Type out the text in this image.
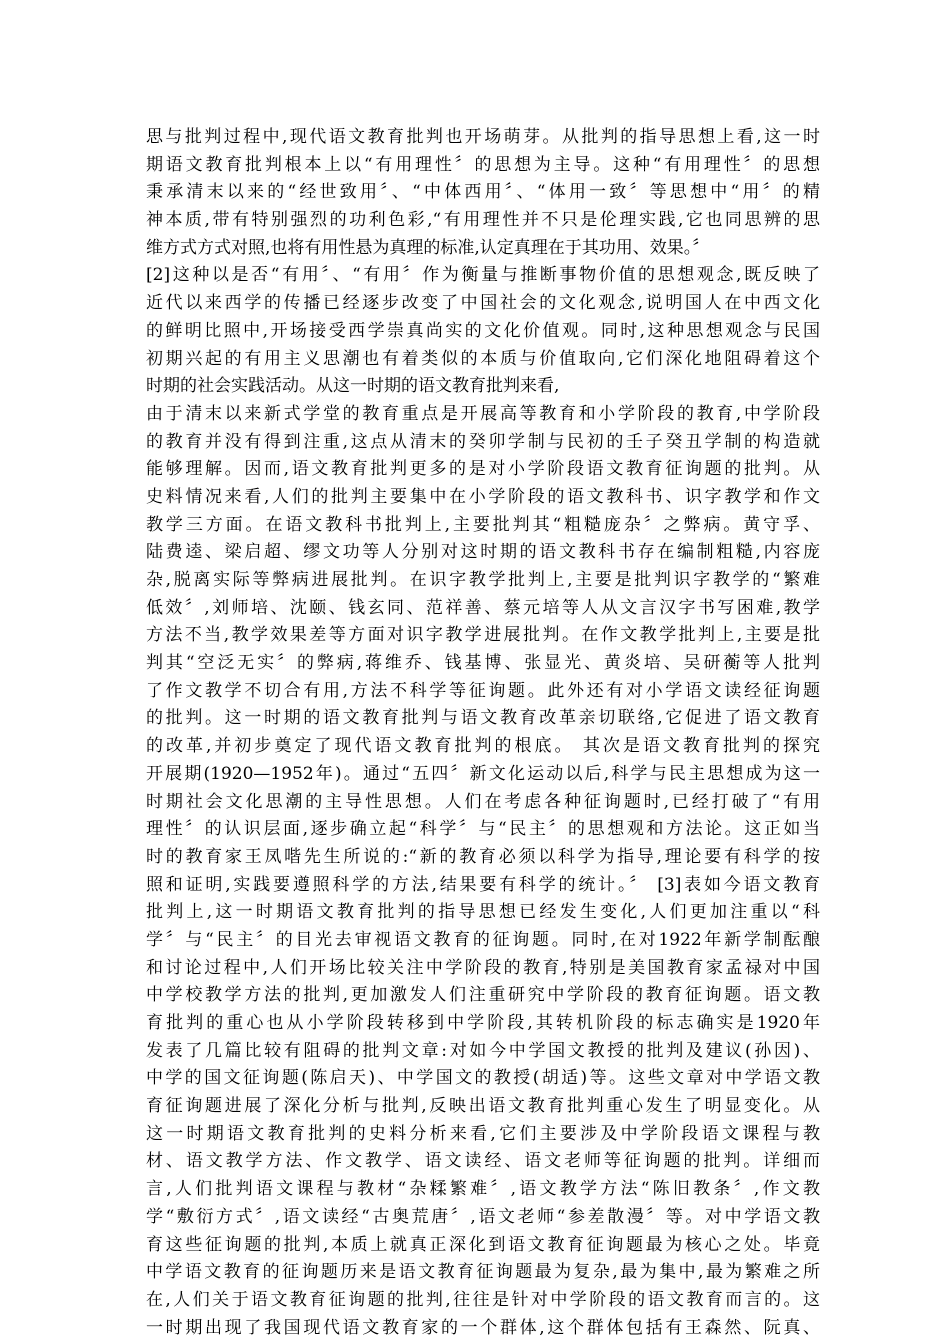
思与批判过程中,现代语文教育批判也开场萌芽。从批判的指导思想上看,这一时
期语文教育批判根本上以“有用理性〞的思想为主导。这种“有用理性〞的思想
秉承清末以来的“经世致用〞、“中体西用〞、“体用一致〞等思想中“用〞的精
神本质,带有特别强烈的功利色彩,“有用理性并不只是伦理实践,它也同思辨的思
维方式方式对照,也将有用性悬为真理的标准,认定真理在于其功用、效果。〞
[2]这种以是否“有用〞、“有用〞作为衡量与推断事物价值的思想观念,既反映了
近代以来西学的传播已经逐步改变了中国社会的文化观念,说明国人在中西文化
的鲜明比照中,开场接受西学崇真尚实的文化价值观。同时,这种思想观念与民国
初期兴起的有用主义思潮也有着类似的本质与价值取向,它们深化地阻碍着这个
时期的社会实践活动。从这一时期的语文教育批判来看,
由于清末以来新式学堂的教育重点是开展高等教育和小学阶段的教育,中学阶段
的教育并没有得到注重,这点从清末的癸卯学制与民初的壬子癸丑学制的构造就
能够理解。因而,语文教育批判更多的是对小学阶段语文教育征询题的批判。从
史料情况来看,人们的批判主要集中在小学阶段的语文教科书、识字教学和作文
教学三方面。在语文教科书批判上,主要批判其“粗糙庞杂〞之弊病。黄守孚、
陆费逵、梁启超、缪文功等人分别对这时期的语文教科书存在编制粗糙,内容庞
杂,脱离实际等弊病进展批判。在识字教学批判上,主要是批判识字教学的“繁难
低效〞,刘师培、沈颐、钱玄同、范祥善、蔡元培等人从文言汉字书写困难,教学
方法不当,教学效果差等方面对识字教学进展批判。在作文教学批判上,主要是批
判其“空泛无实〞的弊病,蒋维乔、钱基博、张显光、黄炎培、吴研蘅等人批判
了作文教学不切合有用,方法不科学等征询题。此外还有对小学语文读经征询题
的批判。这一时期的语文教育批判与语文教育改革亲切联络,它促进了语文教育
的改革,并初步奠定了现代语文教育批判的根底。 其次是语文教育批判的探究
开展期(1920—1952年)。通过“五四〞新文化运动以后,科学与民主思想成为这一
时期社会文化思潮的主导性思想。人们在考虑各种征询题时,已经打破了“有用
理性〞的认识层面,逐步确立起“科学〞与“民主〞的思想观和方法论。这正如当
时的教育家王凤喈先生所说的:“新的教育必须以科学为指导,理论要有科学的按
照和证明,实践要遵照科学的方法,结果要有科学的统计。〞 [3]表如今语文教育
批判上,这一时期语文教育批判的指导思想已经发生变化,人们更加注重以“科
学〞与“民主〞的目光去审视语文教育的征询题。同时,在对1922年新学制酝酿
和讨论过程中,人们开场比较关注中学阶段的教育,特别是美国教育家孟禄对中国
中学校教学方法的批判,更加激发人们注重研究中学阶段的教育征询题。语文教
育批判的重心也从小学阶段转移到中学阶段,其转机阶段的标志确实是1920年
发表了几篇比较有阻碍的批判文章:对如今中学国文教授的批判及建议(孙因)、
中学的国文征询题(陈启天)、中学国文的教授(胡适)等。这些文章对中学语文教
育征询题进展了深化分析与批判,反映出语文教育批判重心发生了明显变化。从
这一时期语文教育批判的史料分析来看,它们主要涉及中学阶段语文课程与教
材、语文教学方法、作文教学、语文读经、语文老师等征询题的批判。详细而
言,人们批判语文课程与教材“杂糅繁难〞,语文教学方法“陈旧教条〞,作文教
学“敷衍方式〞,语文读经“古奥荒唐〞,语文老师“参差散漫〞等。对中学语文教
育这些征询题的批判,本质上就真正深化到语文教育征询题最为核心之处。毕竟
中学语文教育的征询题历来是语文教育征询题最为复杂,最为集中,最为繁难之所
在,人们关于语文教育征询题的批判,往往是针对中学阶段的语文教育而言的。这
一时期出现了我国现代语文教育家的一个群体,这个群体包括有王森然、阮真、
